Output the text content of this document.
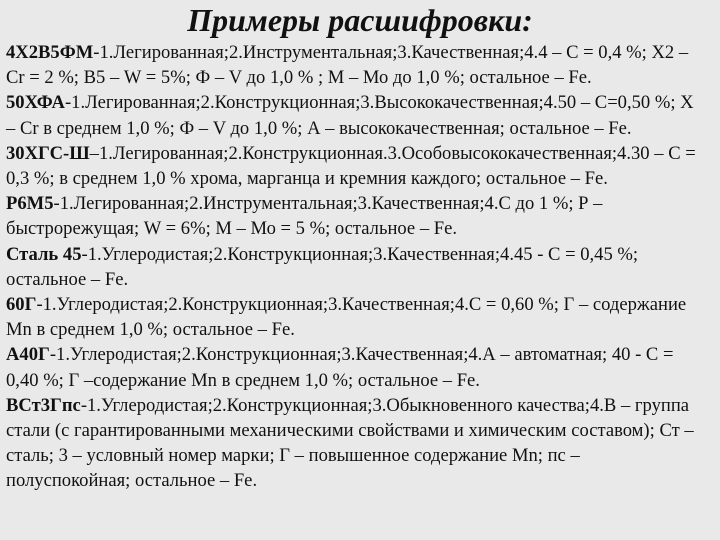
Примеры расшифровки:

4Х2В5ФМ-1.Легированная;2.Инструментальная;3.Качественная;4.4 – С = 0,4 %; Х2 – Cr = 2 %; В5 – W = 5%; Ф – V до 1,0 % ; М – Мо до 1,0 %; остальное – Fe.

50ХФА-1.Легированная;2.Конструкционная;3.Высококачественная;4.50 – С=0,50 %; Х – Cr в среднем 1,0 %; Ф – V до 1,0 %; А – высококачественная; остальное – Fe.

30ХГС-Ш–1.Легированная;2.Конструкционная.3.Особовысококачественная;4.30 – С = 0,3 %; в среднем 1,0 % хрома, марганца и кремния каждого; остальное – Fe.

Р6М5-1.Легированная;2.Инструментальная;3.Качественная;4.С до 1 %; Р – быстрорежущая; W = 6%; М – Мо = 5 %; остальное – Fe.

Сталь 45-1.Углеродистая;2.Конструкционная;3.Качественная;4.45 - С = 0,45 %; остальное – Fe.

60Г-1.Углеродистая;2.Конструкционная;3.Качественная;4.С = 0,60 %; Г – содержание Mn в среднем 1,0 %; остальное – Fe.

А40Г-1.Углеродистая;2.Конструкционная;3.Качественная;4.А – автоматная; 40 - С = 0,40 %; Г –содержание Mn в среднем 1,0 %; остальное – Fe.

ВСт3Гпс-1.Углеродистая;2.Конструкционная;3.Обыкновенного качества;4.В – группа стали (с гарантированными механическими свойствами и химическим составом); Ст – сталь; 3 – условный номер марки; Г – повышенное содержание Mn; пс – полуспокойная; остальное – Fe.
